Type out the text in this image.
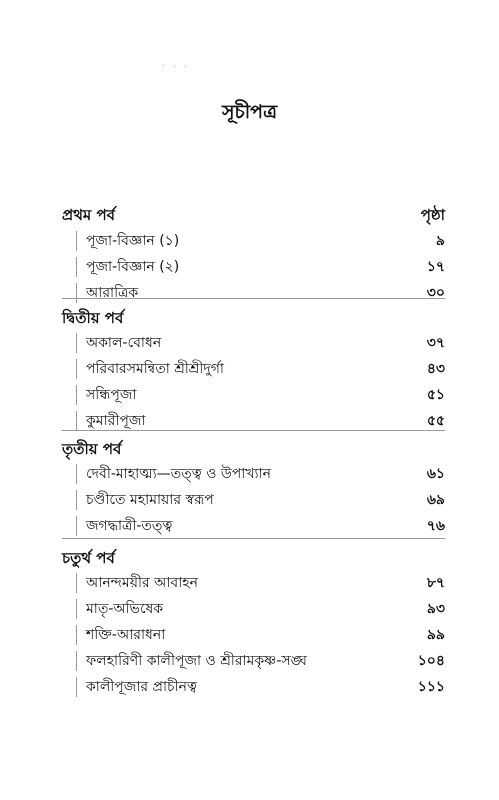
· · ·
সূচীপত্র
প্রথম পর্ব	পৃষ্ঠা
পূজা-বিজ্ঞান (১)	৯
পূজা-বিজ্ঞান (২)	১৭
আরাত্রিক	৩০
দ্বিতীয় পর্ব
অকাল-বোধন	৩৭
পরিবারসমন্বিতা শ্রীশ্রীদুর্গা	৪৩
সন্ধিপূজা	৫১
কুমারীপূজা	৫৫
তৃতীয় পর্ব
দেবী-মাহাত্ম্য—তত্ত্ব ও উপাখ্যান	৬১
চণ্ডীতে মহামায়ার স্বরূপ	৬৯
জগদ্ধাত্রী-তত্ত্ব	৭৬
চতুর্থ পর্ব
আনন্দময়ীর আবাহন	৮৭
মাতৃ-অভিষেক	৯৩
শক্তি-আরাধনা	৯৯
ফলহারিণী কালীপূজা ও শ্রীরামকৃষ্ণ-সঙ্ঘ	১০৪
কালীপূজার প্রাচীনত্ব	১১১
